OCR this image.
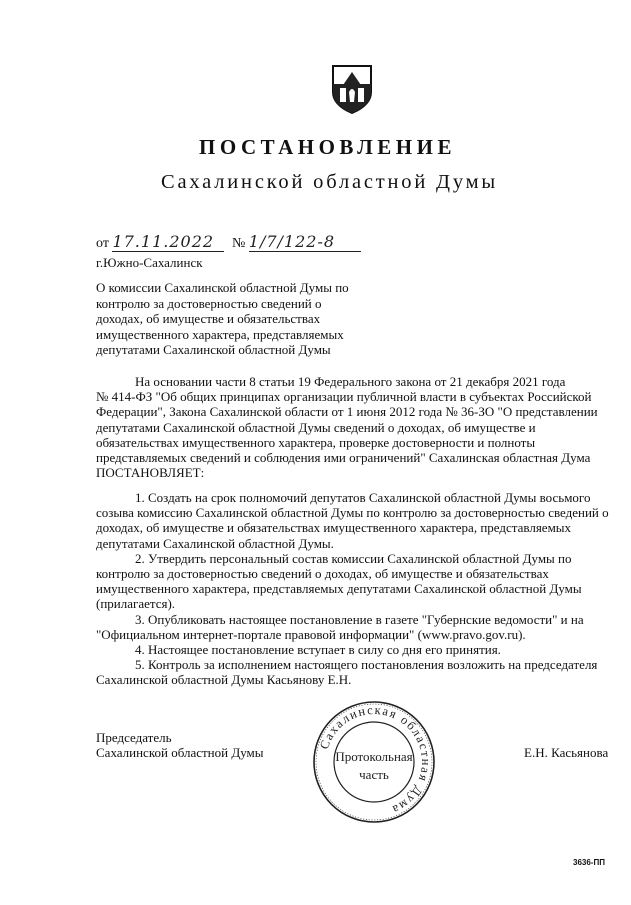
ПОСТАНОВЛЕНИЕ
Сахалинской областной Думы
от 17.11.2022 № 1/7/122-8
г.Южно-Сахалинск
О комиссии Сахалинской областной Думы по
контролю за достоверностью сведений о
доходах, об имуществе и обязательствах
имущественного характера, представляемых
депутатами Сахалинской областной Думы
На основании части 8 статьи 19 Федерального закона от 21 декабря 2021 года
№ 414-ФЗ "Об общих принципах организации публичной власти в субъектах Российской
Федерации", Закона Сахалинской области от 1 июня 2012 года № 36-ЗО "О представлении
депутатами Сахалинской областной Думы сведений о доходах, об имуществе и
обязательствах имущественного характера, проверке достоверности и полноты
представляемых сведений и соблюдения ими ограничений" Сахалинская областная Дума
ПОСТАНОВЛЯЕТ:
1. Создать на срок полномочий депутатов Сахалинской областной Думы восьмого
созыва комиссию Сахалинской областной Думы по контролю за достоверностью сведений о
доходах, об имуществе и обязательствах имущественного характера, представляемых
депутатами Сахалинской областной Думы.
2. Утвердить персональный состав комиссии Сахалинской областной Думы по
контролю за достоверностью сведений о доходах, об имуществе и обязательствах
имущественного характера, представляемых депутатами Сахалинской областной Думы
(прилагается).
3. Опубликовать настоящее постановление в газете "Губернские ведомости" и на
"Официальном интернет-портале правовой информации" (www.pravo.gov.ru).
4. Настоящее постановление вступает в силу со дня его принятия.
5. Контроль за исполнением настоящего постановления возложить на председателя
Сахалинской областной Думы Касьянову Е.Н.
Председатель
Сахалинской областной Думы	Е.Н. Касьянова
Сахалинская областная Дума
Протокольная
часть
3636-ПП
